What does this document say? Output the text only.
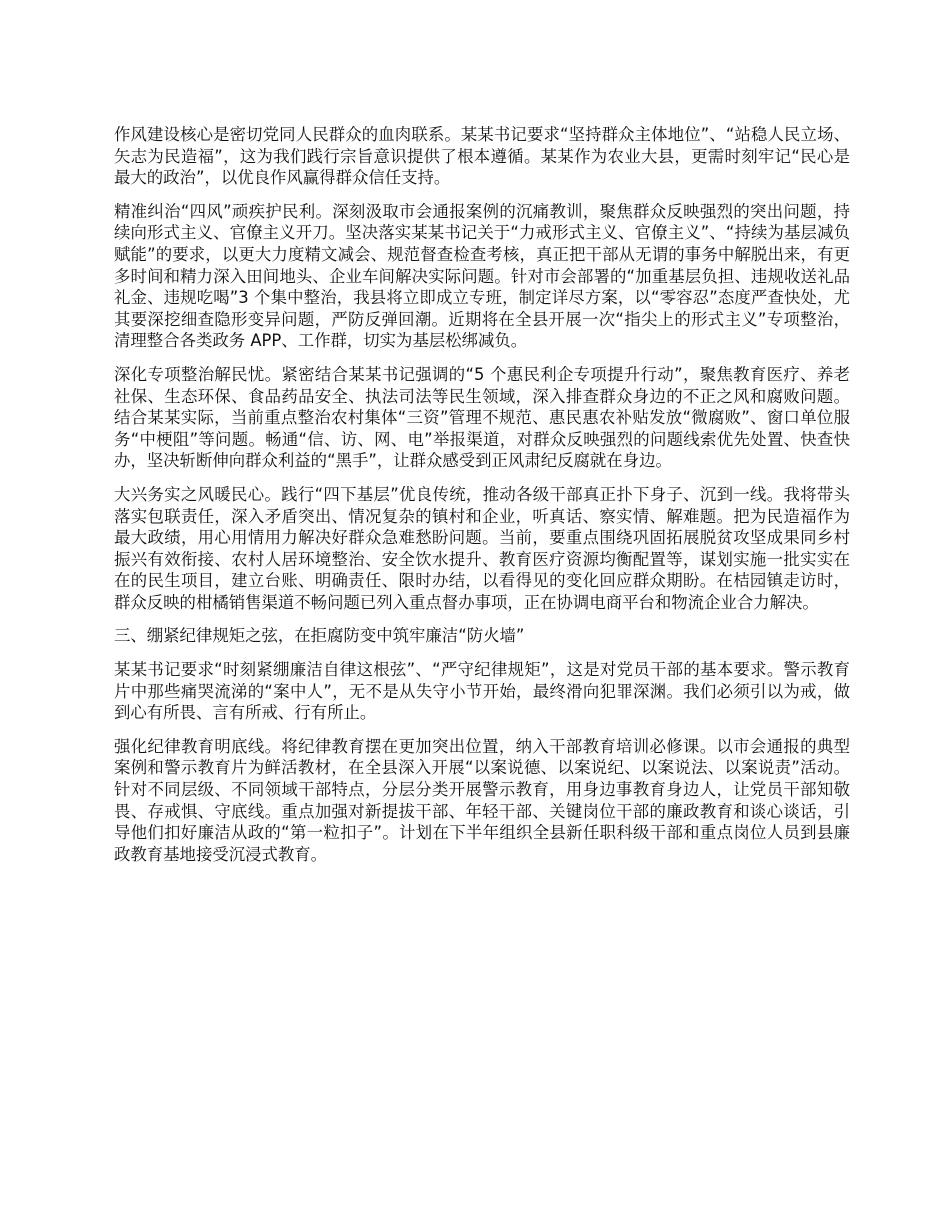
作风建设核心是密切党同人民群众的血肉联系。某某书记要求“坚持群众主体地位”、“站稳人民立场、矢志为民造福”，这为我们践行宗旨意识提供了根本遵循。某某作为农业大县，更需时刻牢记“民心是最大的政治”，以优良作风赢得群众信任支持。

精准纠治“四风”顽疾护民利。深刻汲取市会通报案例的沉痛教训，聚焦群众反映强烈的突出问题，持续向形式主义、官僚主义开刀。坚决落实某某书记关于“力戒形式主义、官僚主义”、“持续为基层减负赋能”的要求，以更大力度精文减会、规范督查检查考核，真正把干部从无谓的事务中解脱出来，有更多时间和精力深入田间地头、企业车间解决实际问题。针对市会部署的“加重基层负担、违规收送礼品礼金、违规吃喝”3 个集中整治，我县将立即成立专班，制定详尽方案，以“零容忍”态度严查快处，尤其要深挖细查隐形变异问题，严防反弹回潮。近期将在全县开展一次“指尖上的形式主义”专项整治，清理整合各类政务 APP、工作群，切实为基层松绑减负。

深化专项整治解民忧。紧密结合某某书记强调的“5 个惠民利企专项提升行动”，聚焦教育医疗、养老社保、生态环保、食品药品安全、执法司法等民生领域，深入排查群众身边的不正之风和腐败问题。结合某某实际，当前重点整治农村集体“三资”管理不规范、惠民惠农补贴发放“微腐败”、窗口单位服务“中梗阻”等问题。畅通“信、访、网、电”举报渠道，对群众反映强烈的问题线索优先处置、快查快办，坚决斩断伸向群众利益的“黑手”，让群众感受到正风肃纪反腐就在身边。

大兴务实之风暖民心。践行“四下基层”优良传统，推动各级干部真正扑下身子、沉到一线。我将带头落实包联责任，深入矛盾突出、情况复杂的镇村和企业，听真话、察实情、解难题。把为民造福作为最大政绩，用心用情用力解决好群众急难愁盼问题。当前，要重点围绕巩固拓展脱贫攻坚成果同乡村振兴有效衔接、农村人居环境整治、安全饮水提升、教育医疗资源均衡配置等，谋划实施一批实实在在的民生项目，建立台账、明确责任、限时办结，以看得见的变化回应群众期盼。在桔园镇走访时，群众反映的柑橘销售渠道不畅问题已列入重点督办事项，正在协调电商平台和物流企业合力解决。

三、绷紧纪律规矩之弦，在拒腐防变中筑牢廉洁“防火墙”

某某书记要求“时刻紧绷廉洁自律这根弦”、“严守纪律规矩”，这是对党员干部的基本要求。警示教育片中那些痛哭流涕的“案中人”，无不是从失守小节开始，最终滑向犯罪深渊。我们必须引以为戒，做到心有所畏、言有所戒、行有所止。

强化纪律教育明底线。将纪律教育摆在更加突出位置，纳入干部教育培训必修课。以市会通报的典型案例和警示教育片为鲜活教材，在全县深入开展“以案说德、以案说纪、以案说法、以案说责”活动。针对不同层级、不同领域干部特点，分层分类开展警示教育，用身边事教育身边人，让党员干部知敬畏、存戒惧、守底线。重点加强对新提拔干部、年轻干部、关键岗位干部的廉政教育和谈心谈话，引导他们扣好廉洁从政的“第一粒扣子”。计划在下半年组织全县新任职科级干部和重点岗位人员到县廉政教育基地接受沉浸式教育。
